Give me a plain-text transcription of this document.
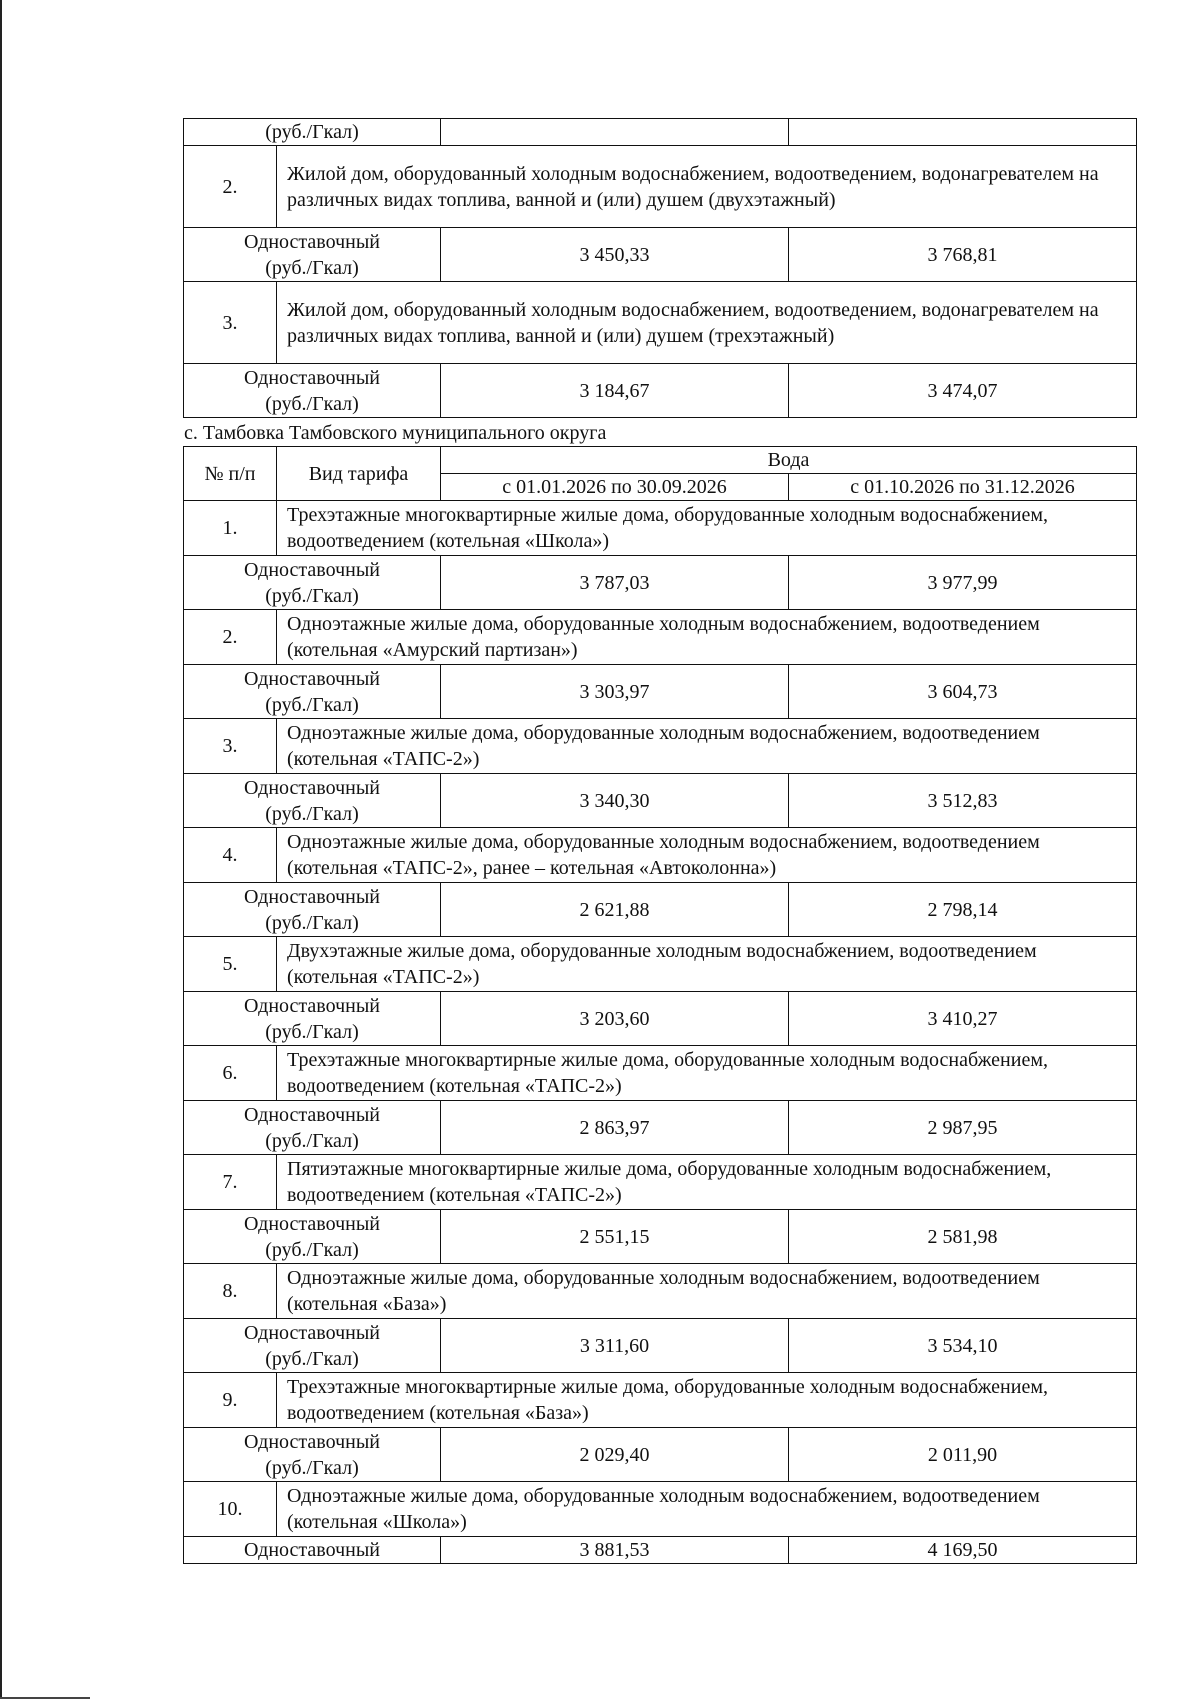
(руб./Гкал)			
2.	Жилой дом, оборудованный холодным водоснабжением, водоотведением, водонагревателем на различных видах топлива, ванной и (или) душем (двухэтажный)		

Одноставочный
(руб./Гкал)		3 450,33	3 768,81
3.	Жилой дом, оборудованный холодным водоснабжением, водоотведением, водонагревателем на различных видах топлива, ванной и (или) душем (трехэтажный)		

Одноставочный
(руб./Гкал)		3 184,67	3 474,07

с. Тамбовка Тамбовского муниципального округа

№ п/п	Вид тарифа	Вода	
		с 01.01.2026 по 30.09.2026	с 01.10.2026 по 31.12.2026
1.	Трехэтажные многоквартирные жилые дома, оборудованные холодным водоснабжением, водоотведением (котельная «Школа»)		

Одноставочный
(руб./Гкал)		3 787,03	3 977,99
2.	Одноэтажные жилые дома, оборудованные холодным водоснабжением, водоотведением (котельная «Амурский партизан»)		

Одноставочный
(руб./Гкал)		3 303,97	3 604,73
3.	Одноэтажные жилые дома, оборудованные холодным водоснабжением, водоотведением (котельная «ТАПС-2»)		

Одноставочный
(руб./Гкал)		3 340,30	3 512,83
4.	Одноэтажные жилые дома, оборудованные холодным водоснабжением, водоотведением (котельная «ТАПС-2», ранее – котельная «Автоколонна»)		

Одноставочный
(руб./Гкал)		2 621,88	2 798,14
5.	Двухэтажные жилые дома, оборудованные холодным водоснабжением, водоотведением (котельная «ТАПС-2»)		

Одноставочный
(руб./Гкал)		3 203,60	3 410,27
6.	Трехэтажные многоквартирные жилые дома, оборудованные холодным водоснабжением, водоотведением (котельная «ТАПС-2»)		

Одноставочный
(руб./Гкал)		2 863,97	2 987,95
7.	Пятиэтажные многоквартирные жилые дома, оборудованные холодным водоснабжением, водоотведением (котельная «ТАПС-2»)		

Одноставочный
(руб./Гкал)		2 551,15	2 581,98
8.	Одноэтажные жилые дома, оборудованные холодным водоснабжением, водоотведением (котельная «База»)		

Одноставочный
(руб./Гкал)		3 311,60	3 534,10
9.	Трехэтажные многоквартирные жилые дома, оборудованные холодным водоснабжением, водоотведением (котельная «База»)		

Одноставочный
(руб./Гкал)		2 029,40	2 011,90
10.	Одноэтажные жилые дома, оборудованные холодным водоснабжением, водоотведением (котельная «Школа»)		

Одноставочный		3 881,53	4 169,50
